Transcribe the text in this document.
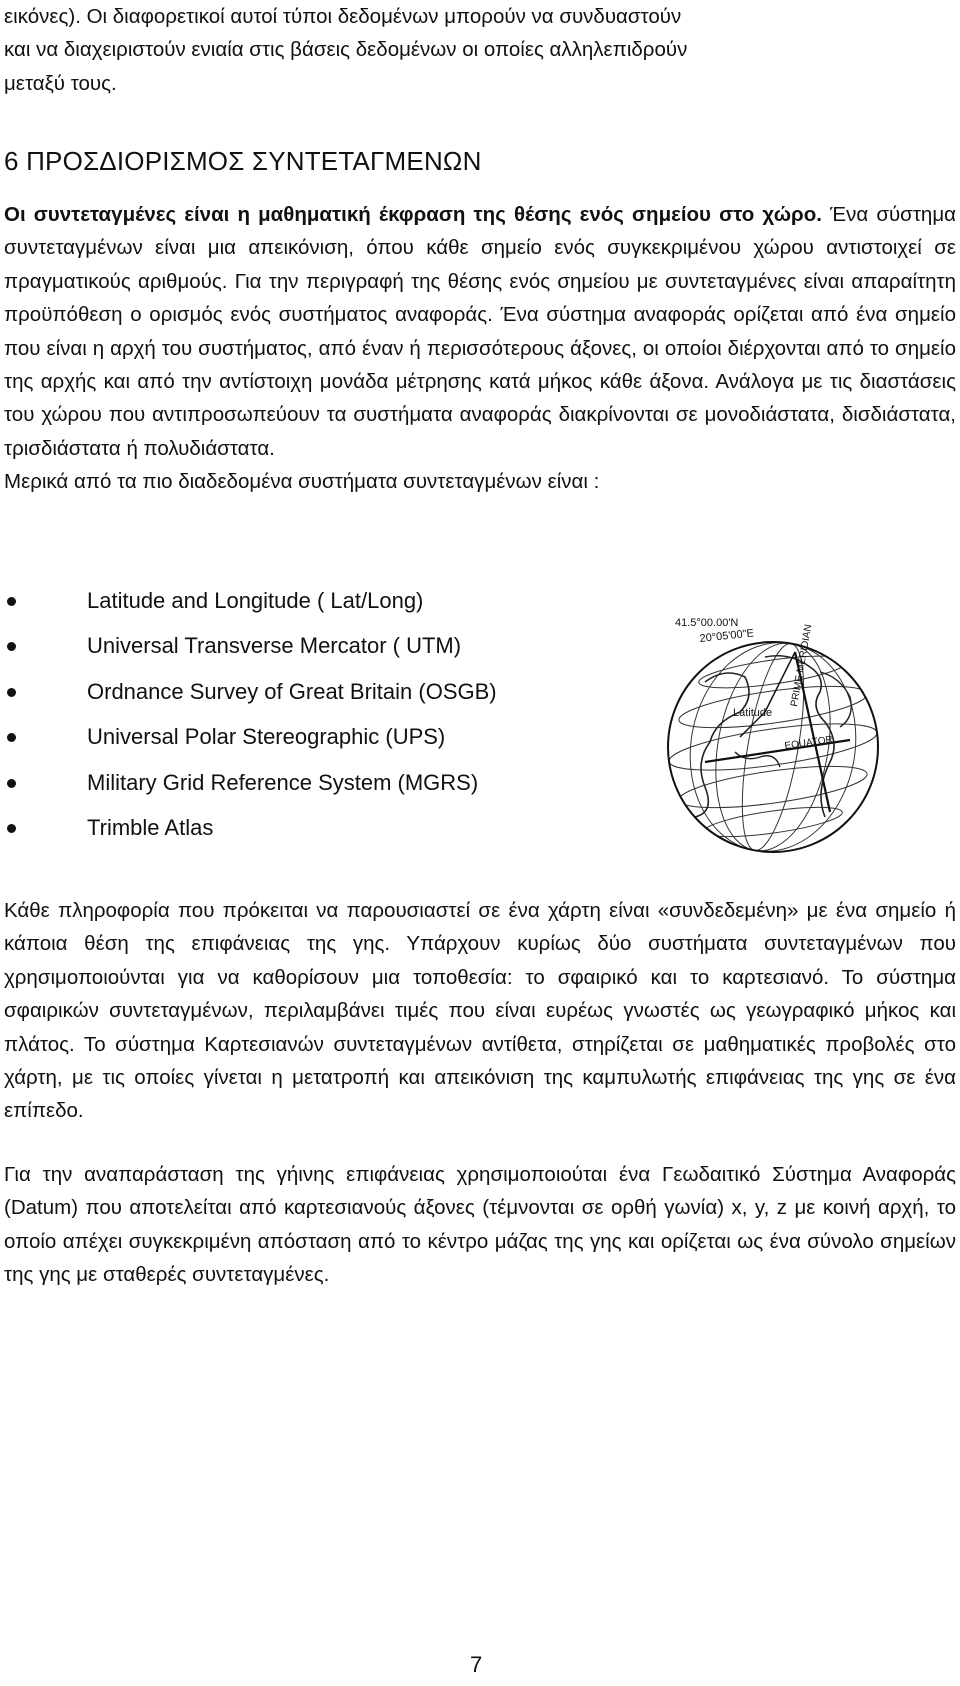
εικόνες). Οι διαφορετικοί αυτοί τύποι δεδομένων μπορούν να συνδυαστούν
και να διαχειριστούν ενιαία στις βάσεις δεδομένων οι οποίες αλληλεπιδρούν
μεταξύ τους.

6 ΠΡΟΣΔΙΟΡΙΣΜΟΣ ΣΥΝΤΕΤΑΓΜΕΝΩΝ

Οι συντεταγμένες είναι η μαθηματική έκφραση της θέσης ενός σημείου στο χώρο. Ένα σύστημα συντεταγμένων είναι μια απεικόνιση, όπου κάθε σημείο ενός συγκεκριμένου χώρου αντιστοιχεί σε πραγματικούς αριθμούς. Για την περιγραφή της θέσης ενός σημείου με συντεταγμένες είναι απαραίτητη προϋπόθεση ο ορισμός ενός συστήματος αναφοράς. Ένα σύστημα αναφοράς ορίζεται από ένα σημείο που είναι η αρχή του συστήματος, από έναν ή περισσότερους άξονες, οι οποίοι διέρχονται από το σημείο της αρχής και από την αντίστοιχη μονάδα μέτρησης κατά μήκος κάθε άξονα. Ανάλογα με τις διαστάσεις του χώρου που αντιπροσωπεύουν τα συστήματα αναφοράς διακρίνονται σε μονοδιάστατα, δισδιάστατα, τρισδιάστατα ή πολυδιάστατα.
Μερικά από τα πιο διαδεδομένα συστήματα συντεταγμένων είναι :

Latitude and Longitude ( Lat/Long)
Universal Transverse Mercator ( UTM)
Ordnance Survey of Great Britain (OSGB)
Universal Polar Stereographic (UPS)
Military Grid Reference System (MGRS)
Trimble Atlas
41.5°00.00'N
20°05'00"E	PRIME MERIDIAN
Latitude
EQUATOR

Κάθε πληροφορία που πρόκειται να παρουσιαστεί σε ένα χάρτη είναι «συνδεδεμένη» με ένα σημείο ή κάποια θέση της επιφάνειας της γης. Υπάρχουν κυρίως δύο συστήματα συντεταγμένων που χρησιμοποιούνται για να καθορίσουν μια τοποθεσία: το σφαιρικό και το καρτεσιανό. Το σύστημα σφαιρικών συντεταγμένων, περιλαμβάνει τιμές που είναι ευρέως γνωστές ως γεωγραφικό μήκος και πλάτος. Το σύστημα Καρτεσιανών συντεταγμένων αντίθετα, στηρίζεται σε μαθηματικές προβολές στο χάρτη, με τις οποίες γίνεται η μετατροπή και απεικόνιση της καμπυλωτής επιφάνειας της γης σε ένα επίπεδο.

Για την αναπαράσταση της γήινης επιφάνειας χρησιμοποιούται ένα Γεωδαιτικό Σύστημα Αναφοράς (Datum) που αποτελείται από καρτεσιανούς άξονες (τέμνονται σε ορθή γωνία) x, y, z με κοινή αρχή, το οποίο απέχει συγκεκριμένη απόσταση από το κέντρο μάζας της γης και ορίζεται ως ένα σύνολο σημείων της γης με σταθερές συντεταγμένες.

7
